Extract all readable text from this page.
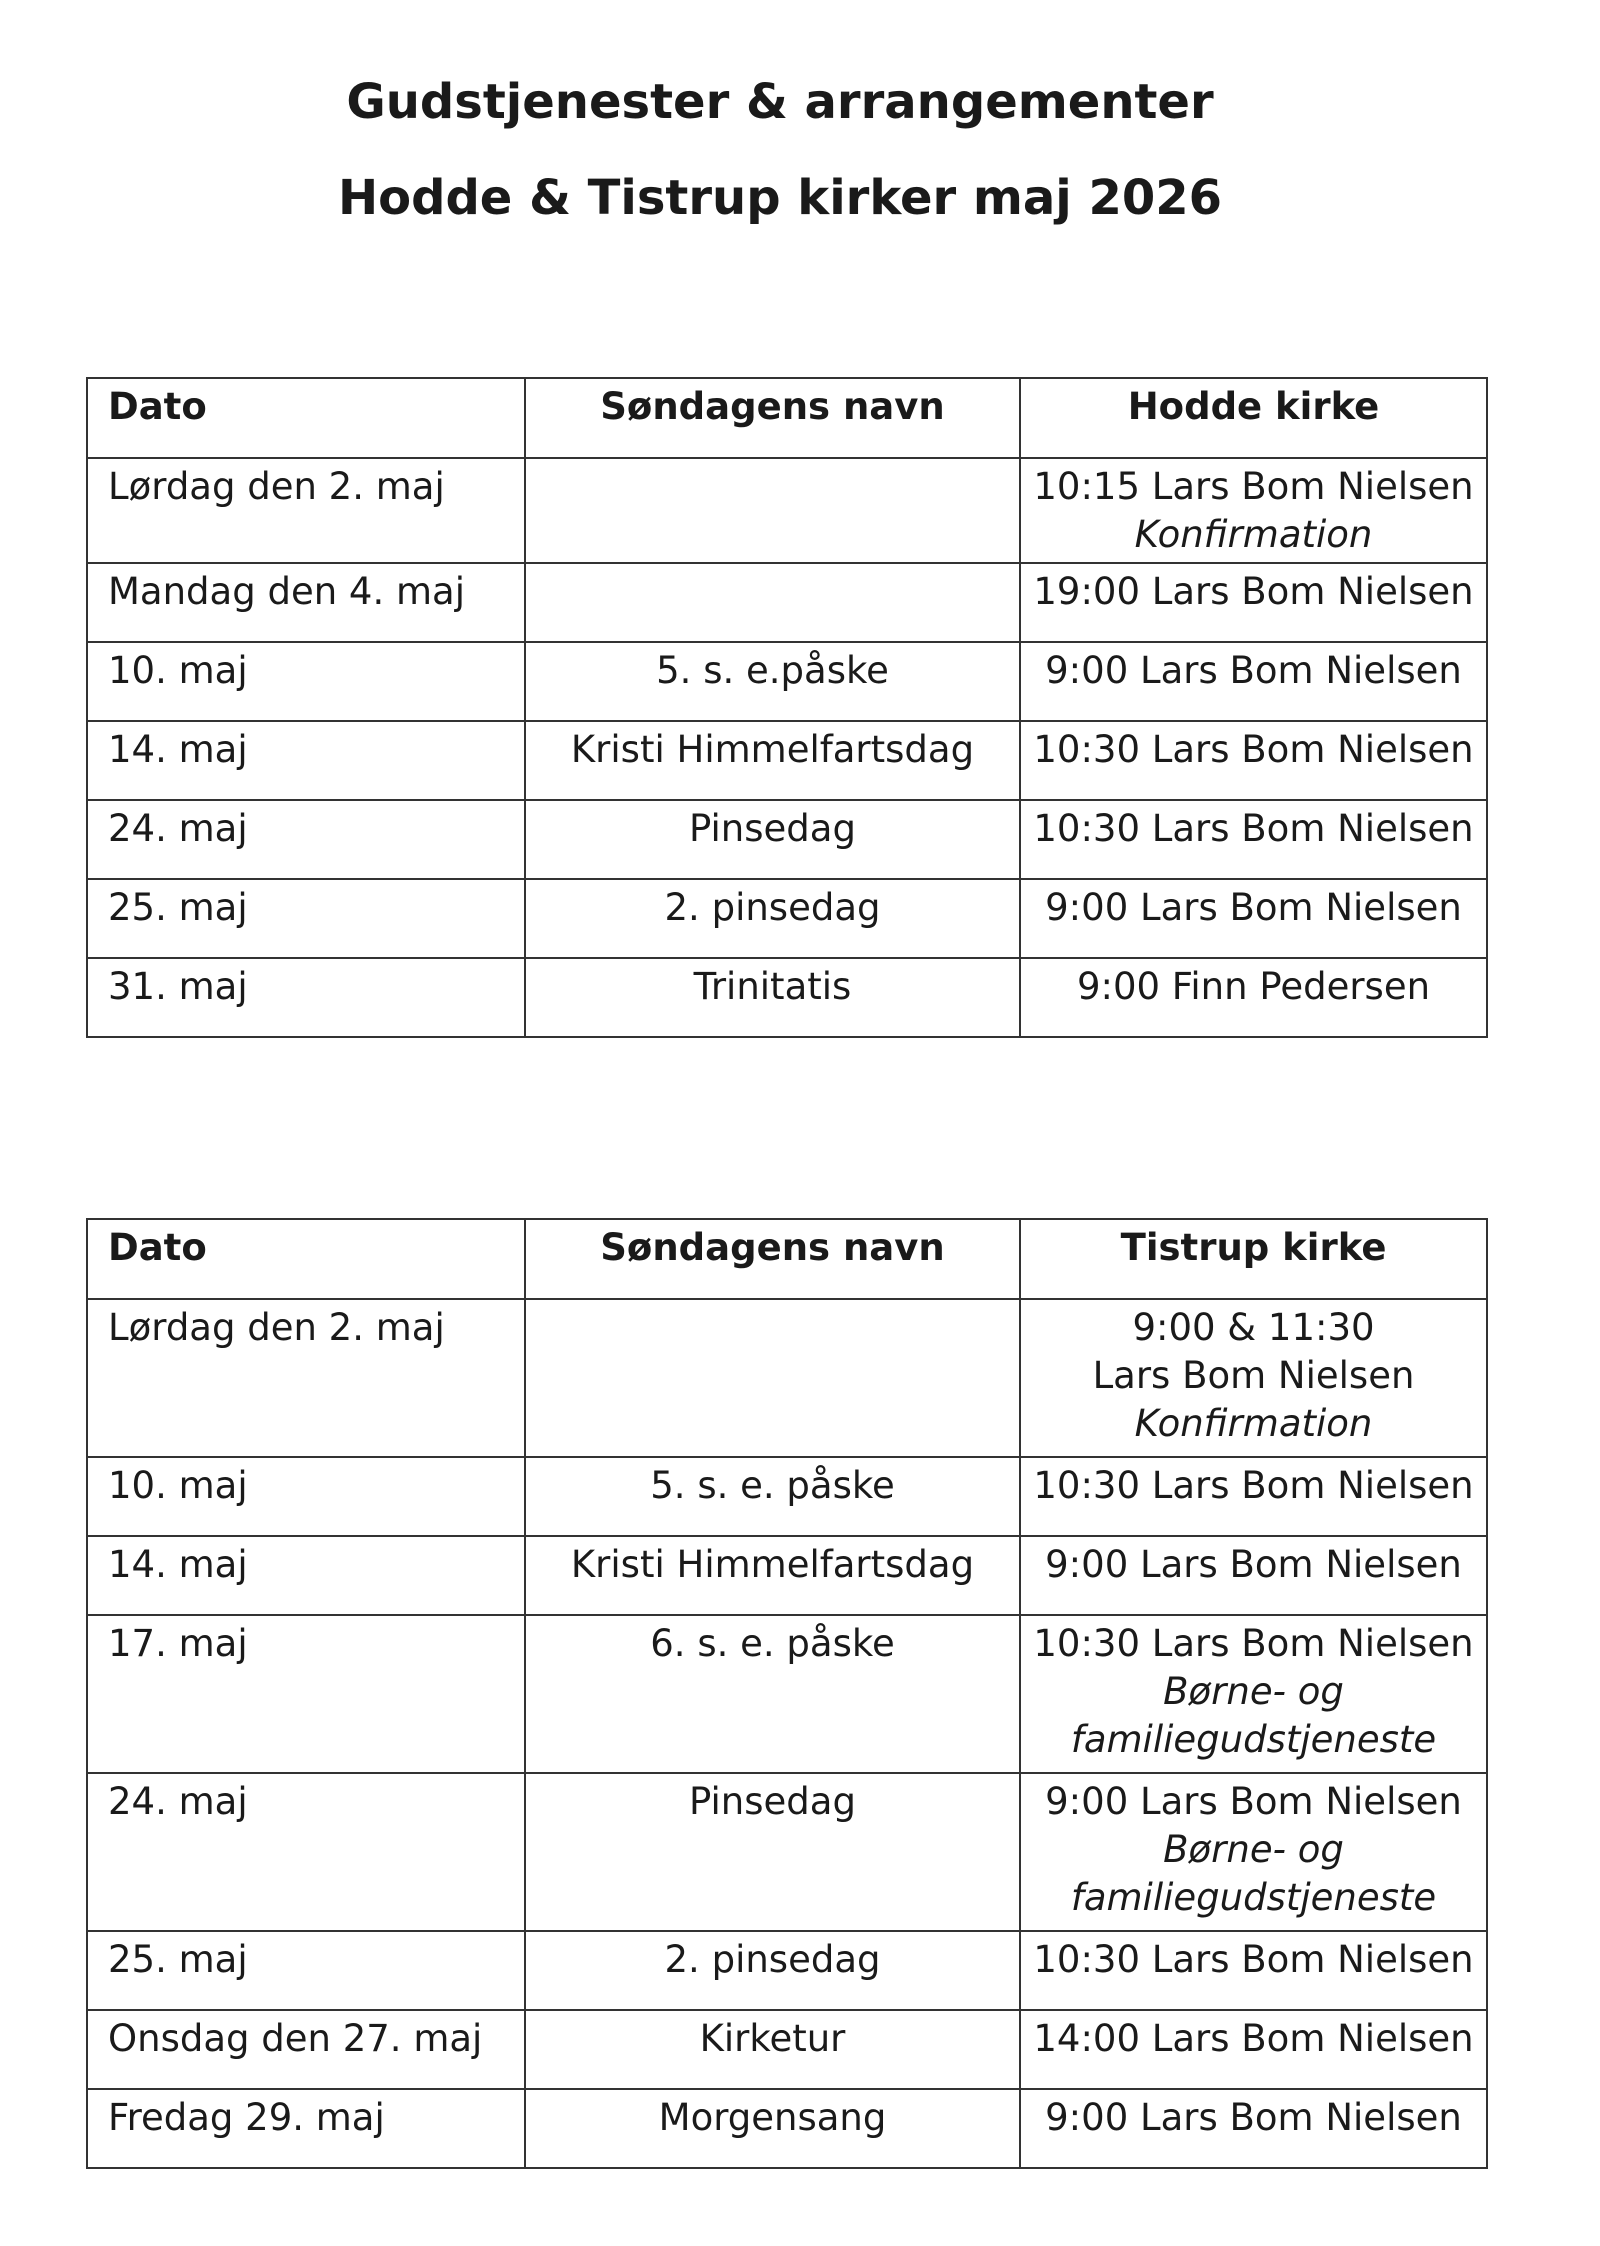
Gudstjenester & arrangementer
Hodde & Tistrup kirker maj 2026
Dato	Søndagens navn	Hodde kirke
Lørdag den 2. maj		10:15 Lars Bom Nielsen
Konfirmation

Mandag den 4. maj		19:00 Lars Bom Nielsen

10. maj	5. s. e.påske	9:00 Lars Bom Nielsen

14. maj	Kristi Himmelfartsdag	10:30 Lars Bom Nielsen

24. maj	Pinsedag	10:30 Lars Bom Nielsen

25. maj	2. pinsedag	9:00 Lars Bom Nielsen

31. maj	Trinitatis	9:00 Finn Pedersen
Dato	Søndagens navn	Tistrup kirke
Lørdag den 2. maj		9:00 & 11:30
Lars Bom Nielsen
Konfirmation

10. maj	5. s. e. påske	10:30 Lars Bom Nielsen

14. maj	Kristi Himmelfartsdag	9:00 Lars Bom Nielsen

17. maj	6. s. e. påske	10:30 Lars Bom Nielsen
Børne- og
familiegudstjeneste

24. maj	Pinsedag	9:00 Lars Bom Nielsen
Børne- og
familiegudstjeneste

25. maj	2. pinsedag	10:30 Lars Bom Nielsen

Onsdag den 27. maj	Kirketur	14:00 Lars Bom Nielsen

Fredag 29. maj	Morgensang	9:00 Lars Bom Nielsen
